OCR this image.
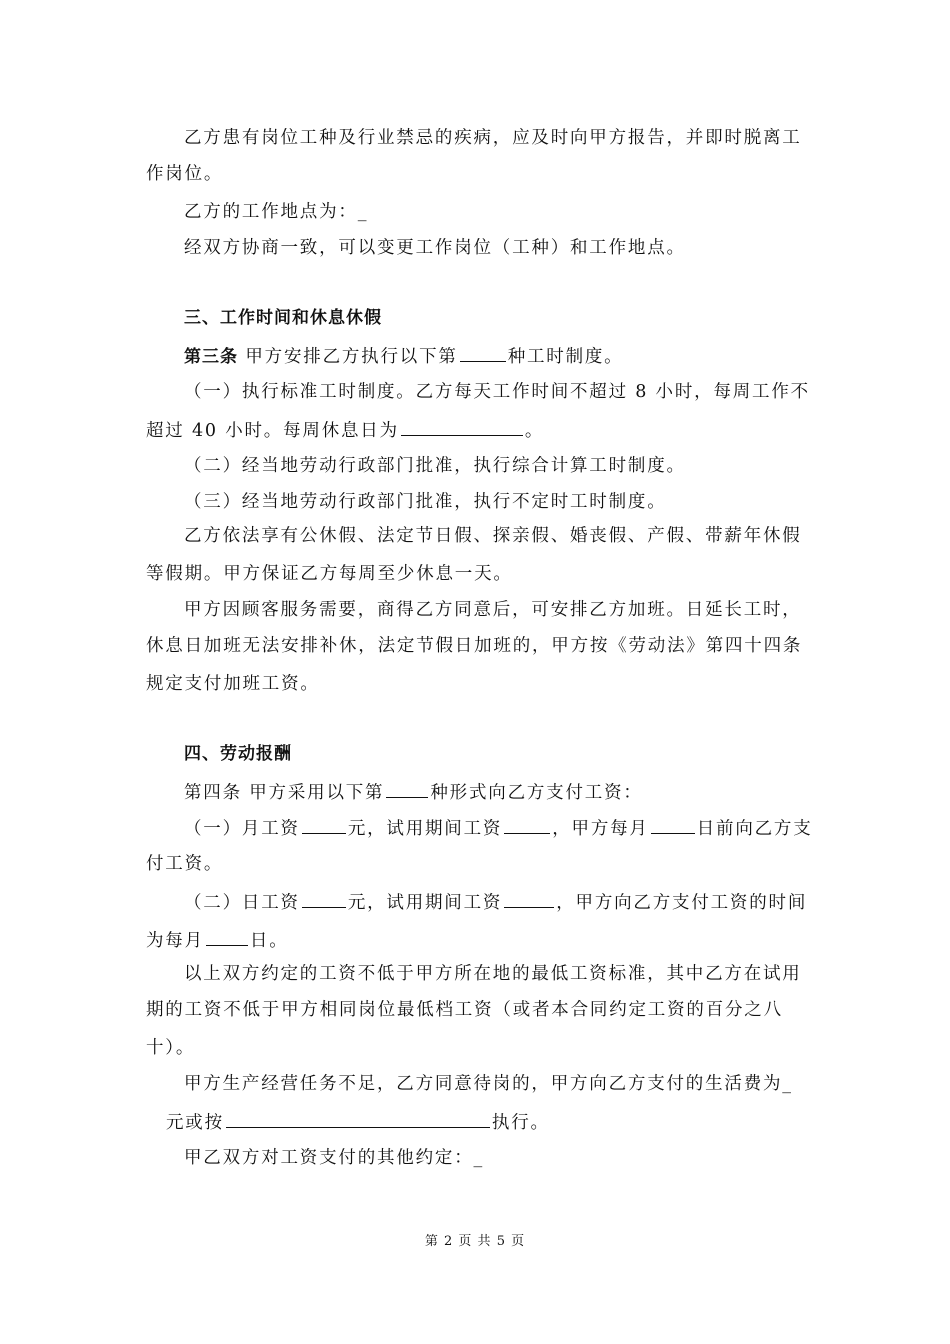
乙方患有岗位工种及行业禁忌的疾病，应及时向甲方报告，并即时脱离工
作岗位。
乙方的工作地点为：_
经双方协商一致，可以变更工作岗位（工种）和工作地点。
三、工作时间和休息休假
第三条 甲方安排乙方执行以下第	种工时制度。
（一）执行标准工时制度。乙方每天工作时间不超过 8 小时，每周工作不
超过 40 小时。每周休息日为	。
（二）经当地劳动行政部门批准，执行综合计算工时制度。
（三）经当地劳动行政部门批准，执行不定时工时制度。
乙方依法享有公休假、法定节日假、探亲假、婚丧假、产假、带薪年休假
等假期。甲方保证乙方每周至少休息一天。
甲方因顾客服务需要，商得乙方同意后，可安排乙方加班。日延长工时，
休息日加班无法安排补休，法定节假日加班的，甲方按《劳动法》第四十四条
规定支付加班工资。
四、劳动报酬
第四条 甲方采用以下第	种形式向乙方支付工资：
（一）月工资	元，试用期间工资	，甲方每月	日前向乙方支
付工资。
（二）日工资	元，试用期间工资	，甲方向乙方支付工资的时间
为每月	日。
以上双方约定的工资不低于甲方所在地的最低工资标准，其中乙方在试用
期的工资不低于甲方相同岗位最低档工资（或者本合同约定工资的百分之八
十）。
甲方生产经营任务不足，乙方同意待岗的，甲方向乙方支付的生活费为_
元或按	执行。
甲乙双方对工资支付的其他约定：_
第 2 页 共 5 页
